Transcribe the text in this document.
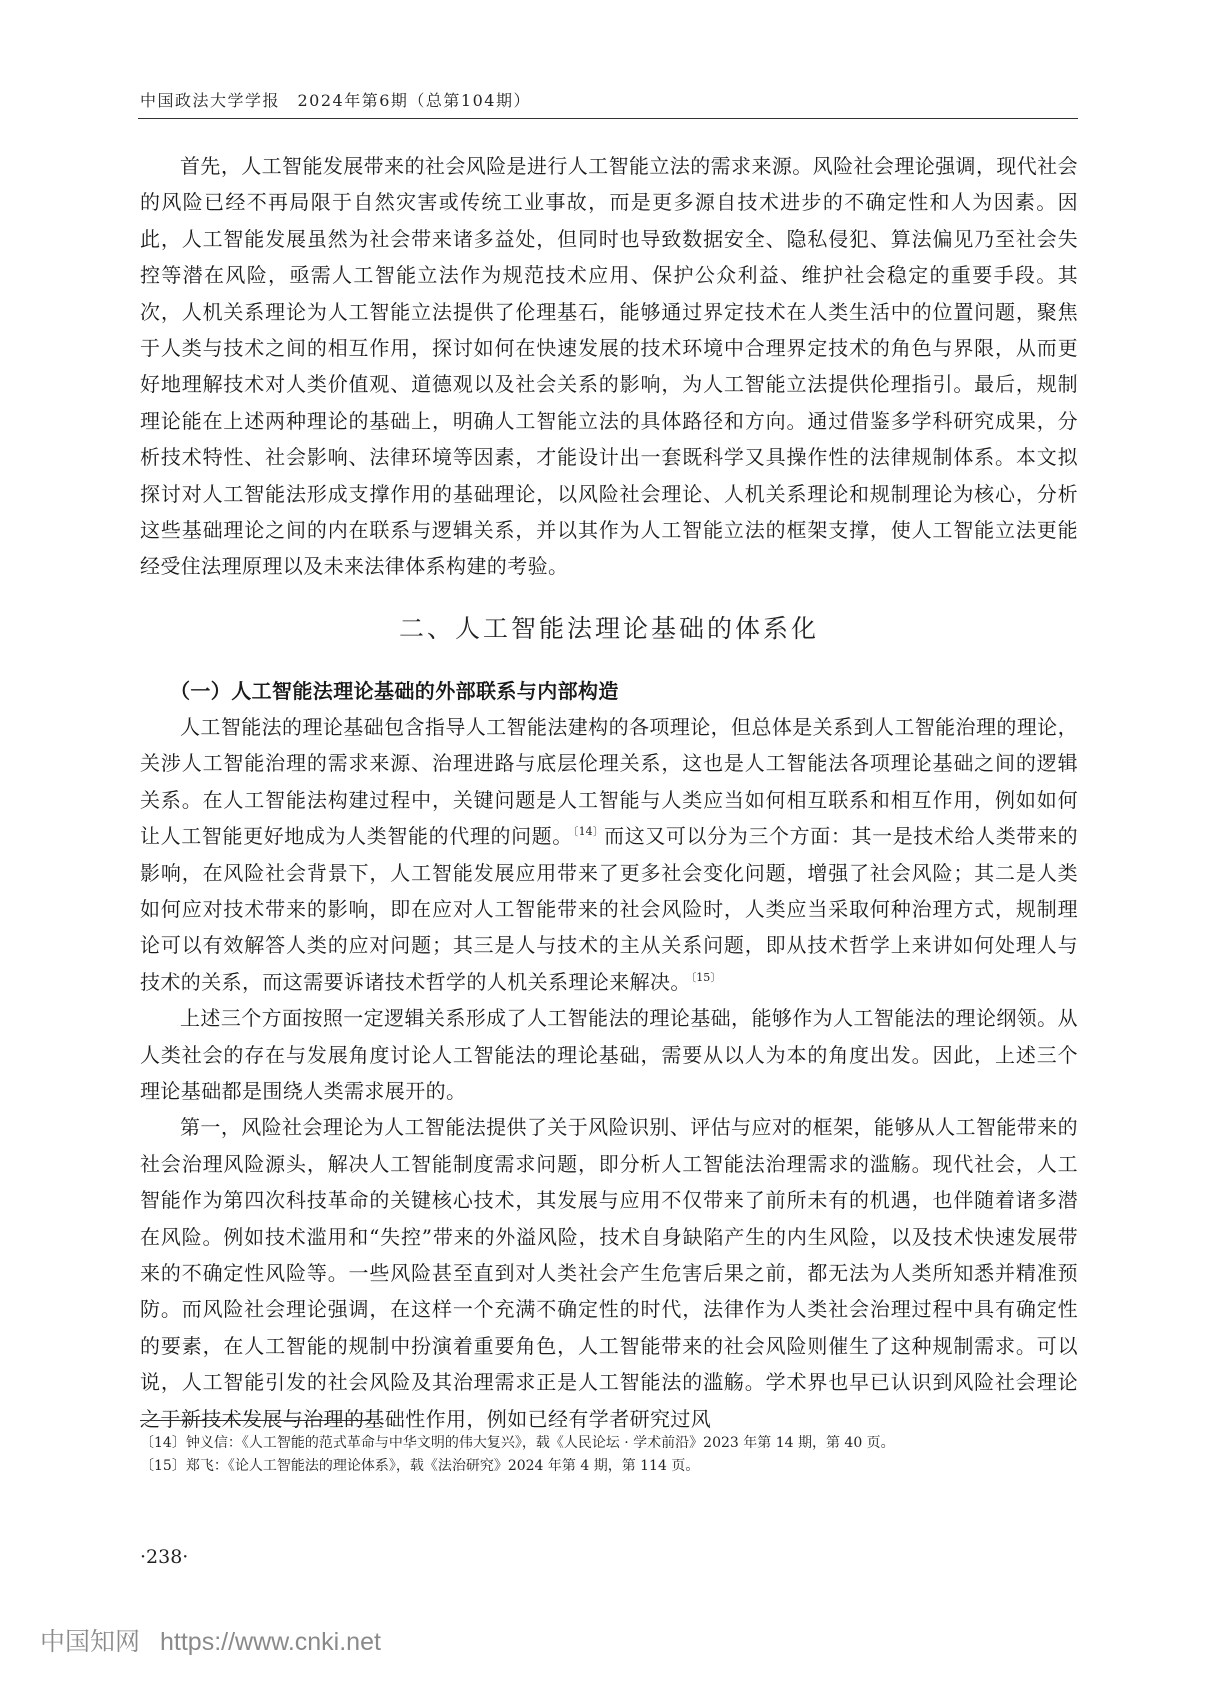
中国政法大学学报　2024年第6期（总第104期）

首先，人工智能发展带来的社会风险是进行人工智能立法的需求来源。风险社会理论强调，现代社会的风险已经不再局限于自然灾害或传统工业事故，而是更多源自技术进步的不确定性和人为因素。因此，人工智能发展虽然为社会带来诸多益处，但同时也导致数据安全、隐私侵犯、算法偏见乃至社会失控等潜在风险，亟需人工智能立法作为规范技术应用、保护公众利益、维护社会稳定的重要手段。其次，人机关系理论为人工智能立法提供了伦理基石，能够通过界定技术在人类生活中的位置问题，聚焦于人类与技术之间的相互作用，探讨如何在快速发展的技术环境中合理界定技术的角色与界限，从而更好地理解技术对人类价值观、道德观以及社会关系的影响，为人工智能立法提供伦理指引。最后，规制理论能在上述两种理论的基础上，明确人工智能立法的具体路径和方向。通过借鉴多学科研究成果，分析技术特性、社会影响、法律环境等因素，才能设计出一套既科学又具操作性的法律规制体系。本文拟探讨对人工智能法形成支撑作用的基础理论，以风险社会理论、人机关系理论和规制理论为核心，分析这些基础理论之间的内在联系与逻辑关系，并以其作为人工智能立法的框架支撑，使人工智能立法更能经受住法理原理以及未来法律体系构建的考验。

二、人工智能法理论基础的体系化
（一）人工智能法理论基础的外部联系与内部构造

人工智能法的理论基础包含指导人工智能法建构的各项理论，但总体是关系到人工智能治理的理论，关涉人工智能治理的需求来源、治理进路与底层伦理关系，这也是人工智能法各项理论基础之间的逻辑关系。在人工智能法构建过程中，关键问题是人工智能与人类应当如何相互联系和相互作用，例如如何让人工智能更好地成为人类智能的代理的问题。$^{〔14〕}$而这又可以分为三个方面：其一是技术给人类带来的影响，在风险社会背景下，人工智能发展应用带来了更多社会变化问题，增强了社会风险；其二是人类如何应对技术带来的影响，即在应对人工智能带来的社会风险时，人类应当采取何种治理方式，规制理论可以有效解答人类的应对问题；其三是人与技术的主从关系问题，即从技术哲学上来讲如何处理人与技术的关系，而这需要诉诸技术哲学的人机关系理论来解决。$^{〔15〕}$

上述三个方面按照一定逻辑关系形成了人工智能法的理论基础，能够作为人工智能法的理论纲领。从人类社会的存在与发展角度讨论人工智能法的理论基础，需要从以人为本的角度出发。因此，上述三个理论基础都是围绕人类需求展开的。

第一，风险社会理论为人工智能法提供了关于风险识别、评估与应对的框架，能够从人工智能带来的社会治理风险源头，解决人工智能制度需求问题，即分析人工智能法治理需求的滥觞。现代社会，人工智能作为第四次科技革命的关键核心技术，其发展与应用不仅带来了前所未有的机遇，也伴随着诸多潜在风险。例如技术滥用和“失控”带来的外溢风险，技术自身缺陷产生的内生风险，以及技术快速发展带来的不确定性风险等。一些风险甚至直到对人类社会产生危害后果之前，都无法为人类所知悉并精准预防。而风险社会理论强调，在这样一个充满不确定性的时代，法律作为人类社会治理过程中具有确定性的要素，在人工智能的规制中扮演着重要角色，人工智能带来的社会风险则催生了这种规制需求。可以说，人工智能引发的社会风险及其治理需求正是人工智能法的滥觞。学术界也早已认识到风险社会理论之于新技术发展与治理的基础性作用，例如已经有学者研究过风

〔14〕钟义信：《人工智能的范式革命与中华文明的伟大复兴》，载《人民论坛 · 学术前沿》2023 年第 14 期，第 40 页。
〔15〕郑飞：《论人工智能法的理论体系》，载《法治研究》2024 年第 4 期，第 114 页。
·238·
中国知网 https://www.cnki.net
